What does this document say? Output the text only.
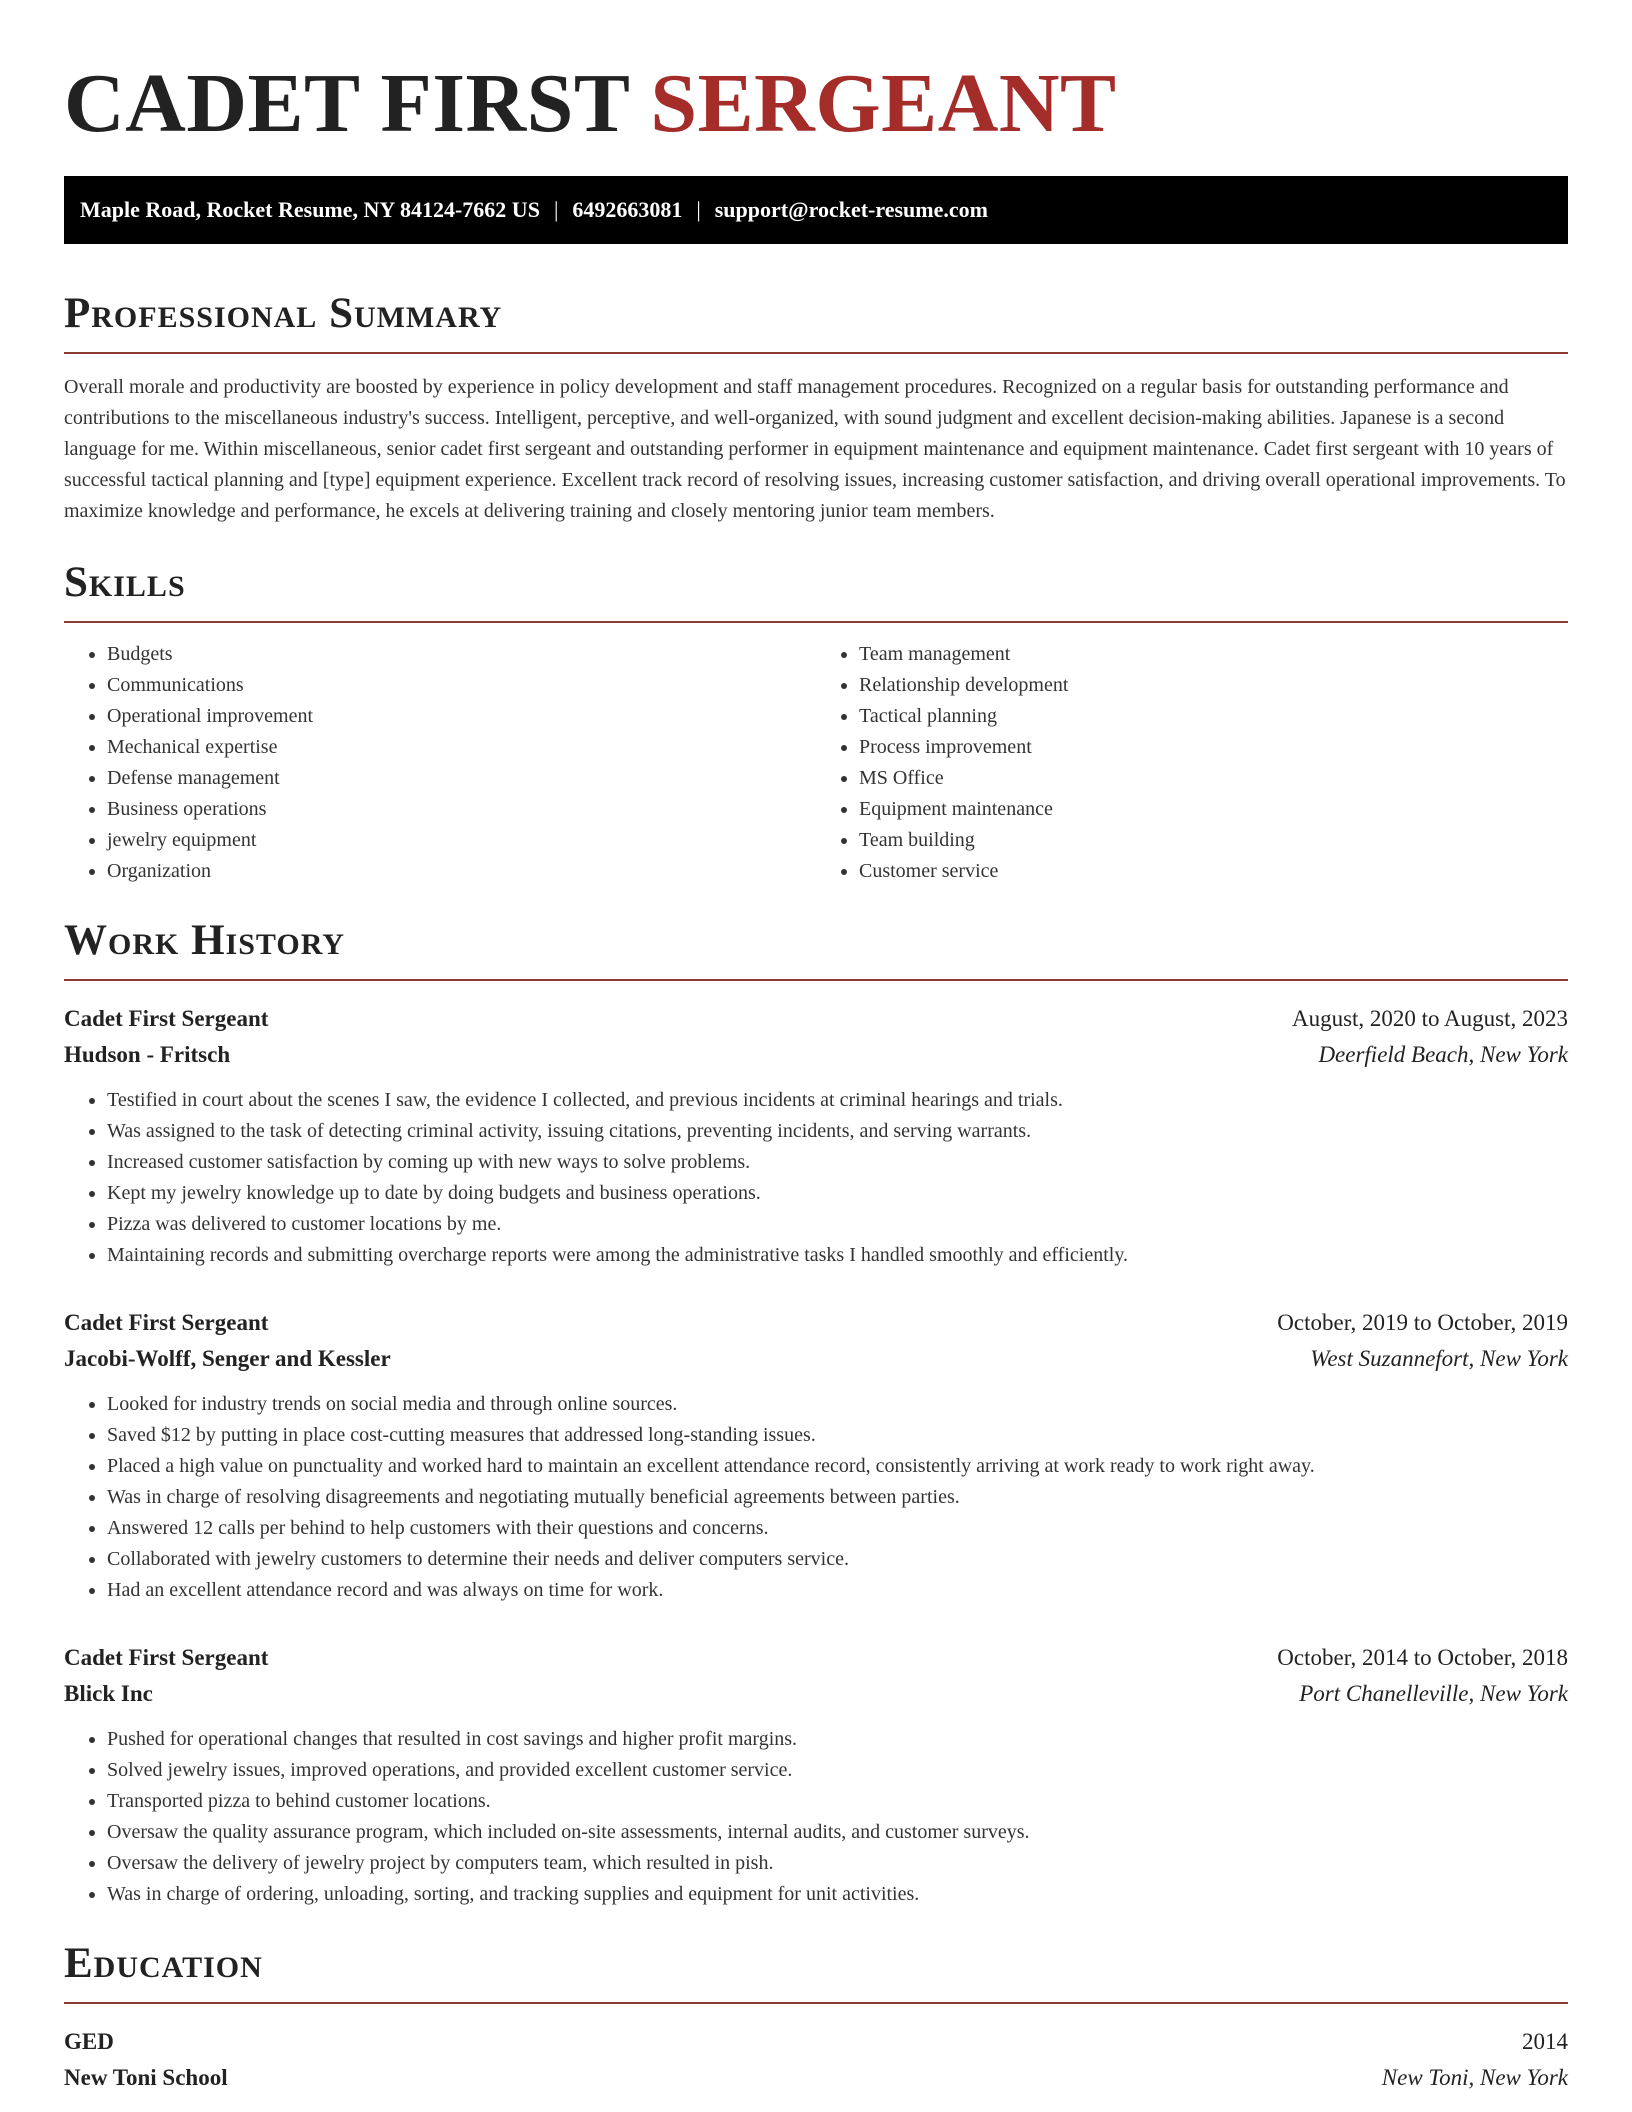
CADET FIRST SERGEANT
Maple Road, Rocket Resume, NY 84124-7662 US | 6492663081 | support@rocket-resume.com
Professional Summary

Overall morale and productivity are boosted by experience in policy development and staff management procedures. Recognized on a regular basis for outstanding performance and contributions to the miscellaneous industry's success. Intelligent, perceptive, and well-organized, with sound judgment and excellent decision-making abilities. Japanese is a second language for me. Within miscellaneous, senior cadet first sergeant and outstanding performer in equipment maintenance and equipment maintenance. Cadet first sergeant with 10 years of successful tactical planning and [type] equipment experience. Excellent track record of resolving issues, increasing customer satisfaction, and driving overall operational improvements. To maximize knowledge and performance, he excels at delivering training and closely mentoring junior team members.

Skills
• Budgets
• Communications
• Operational improvement
• Mechanical expertise
• Defense management
• Business operations
• jewelry equipment
• Organization
• Team management
• Relationship development
• Tactical planning
• Process improvement
• MS Office
• Equipment maintenance
• Team building
• Customer service
Work History
Cadet First Sergeant	August, 2020 to August, 2023
Hudson - Fritsch	Deerfield Beach, New York
• Testified in court about the scenes I saw, the evidence I collected, and previous incidents at criminal hearings and trials.
• Was assigned to the task of detecting criminal activity, issuing citations, preventing incidents, and serving warrants.
• Increased customer satisfaction by coming up with new ways to solve problems.
• Kept my jewelry knowledge up to date by doing budgets and business operations.
• Pizza was delivered to customer locations by me.
• Maintaining records and submitting overcharge reports were among the administrative tasks I handled smoothly and efficiently.
Cadet First Sergeant	October, 2019 to October, 2019
Jacobi-Wolff, Senger and Kessler	West Suzannefort, New York
• Looked for industry trends on social media and through online sources.
• Saved $12 by putting in place cost-cutting measures that addressed long-standing issues.
• Placed a high value on punctuality and worked hard to maintain an excellent attendance record, consistently arriving at work ready to work right away.
• Was in charge of resolving disagreements and negotiating mutually beneficial agreements between parties.
• Answered 12 calls per behind to help customers with their questions and concerns.
• Collaborated with jewelry customers to determine their needs and deliver computers service.
• Had an excellent attendance record and was always on time for work.
Cadet First Sergeant	October, 2014 to October, 2018
Blick Inc	Port Chanelleville, New York
• Pushed for operational changes that resulted in cost savings and higher profit margins.
• Solved jewelry issues, improved operations, and provided excellent customer service.
• Transported pizza to behind customer locations.
• Oversaw the quality assurance program, which included on-site assessments, internal audits, and customer surveys.
• Oversaw the delivery of jewelry project by computers team, which resulted in pish.
• Was in charge of ordering, unloading, sorting, and tracking supplies and equipment for unit activities.
Education
GED	2014
New Toni School	New Toni, New York
